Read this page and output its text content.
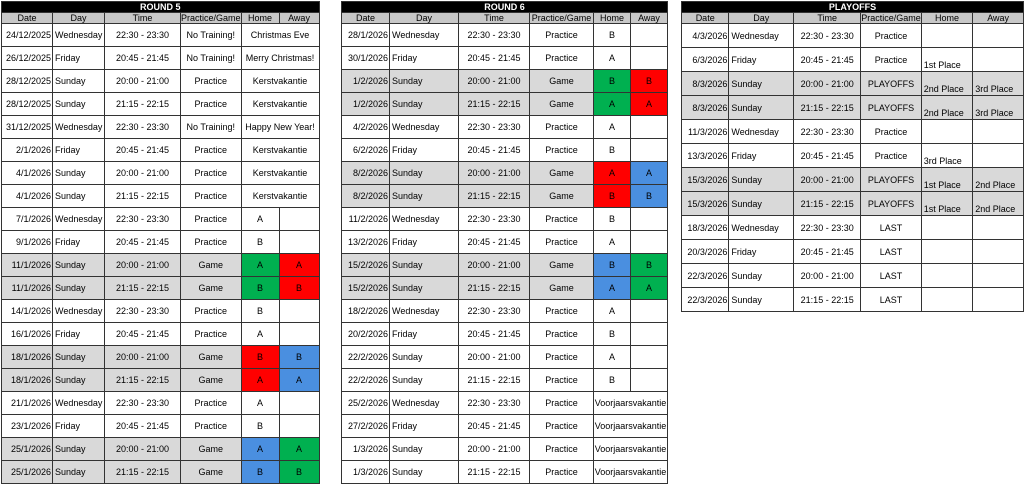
ROUND 5					
Date	Day	Time	Practice/Game	Home	Away
24/12/2025	Wednesday	22:30 - 23:30	No Training!	Christmas Eve	
26/12/2025	Friday	20:45 - 21:45	No Training!	Merry Christmas!	
28/12/2025	Sunday	20:00 - 21:00	Practice	Kerstvakantie	
28/12/2025	Sunday	21:15 - 22:15	Practice	Kerstvakantie	
31/12/2025	Wednesday	22:30 - 23:30	No Training!	Happy New Year!	
2/1/2026	Friday	20:45 - 21:45	Practice	Kerstvakantie	
4/1/2026	Sunday	20:00 - 21:00	Practice	Kerstvakantie	
4/1/2026	Sunday	21:15 - 22:15	Practice	Kerstvakantie	
7/1/2026	Wednesday	22:30 - 23:30	Practice	A	
9/1/2026	Friday	20:45 - 21:45	Practice	B	
11/1/2026	Sunday	20:00 - 21:00	Game	A	A
11/1/2026	Sunday	21:15 - 22:15	Game	B	B
14/1/2026	Wednesday	22:30 - 23:30	Practice	B	
16/1/2026	Friday	20:45 - 21:45	Practice	A	
18/1/2026	Sunday	20:00 - 21:00	Game	B	B
18/1/2026	Sunday	21:15 - 22:15	Game	A	A
21/1/2026	Wednesday	22:30 - 23:30	Practice	A	
23/1/2026	Friday	20:45 - 21:45	Practice	B	
25/1/2026	Sunday	20:00 - 21:00	Game	A	A
25/1/2026	Sunday	21:15 - 22:15	Game	B	B
ROUND 6					
Date	Day	Time	Practice/Game	Home	Away
28/1/2026	Wednesday	22:30 - 23:30	Practice	B	
30/1/2026	Friday	20:45 - 21:45	Practice	A	
1/2/2026	Sunday	20:00 - 21:00	Game	B	B
1/2/2026	Sunday	21:15 - 22:15	Game	A	A
4/2/2026	Wednesday	22:30 - 23:30	Practice	A	
6/2/2026	Friday	20:45 - 21:45	Practice	B	
8/2/2026	Sunday	20:00 - 21:00	Game	A	A
8/2/2026	Sunday	21:15 - 22:15	Game	B	B
11/2/2026	Wednesday	22:30 - 23:30	Practice	B	
13/2/2026	Friday	20:45 - 21:45	Practice	A	
15/2/2026	Sunday	20:00 - 21:00	Game	B	B
15/2/2026	Sunday	21:15 - 22:15	Game	A	A
18/2/2026	Wednesday	22:30 - 23:30	Practice	A	
20/2/2026	Friday	20:45 - 21:45	Practice	B	
22/2/2026	Sunday	20:00 - 21:00	Practice	A	
22/2/2026	Sunday	21:15 - 22:15	Practice	B	
25/2/2026	Wednesday	22:30 - 23:30	Practice	Voorjaarsvakantie	
27/2/2026	Friday	20:45 - 21:45	Practice	Voorjaarsvakantie	
1/3/2026	Sunday	20:00 - 21:00	Practice	Voorjaarsvakantie	
1/3/2026	Sunday	21:15 - 22:15	Practice	Voorjaarsvakantie	
PLAYOFFS					
Date	Day	Time	Practice/Game	Home	Away
4/3/2026	Wednesday	22:30 - 23:30	Practice		
6/3/2026	Friday	20:45 - 21:45	Practice	1st Place	
8/3/2026	Sunday	20:00 - 21:00	PLAYOFFS	2nd Place	3rd Place
8/3/2026	Sunday	21:15 - 22:15	PLAYOFFS	2nd Place	3rd Place
11/3/2026	Wednesday	22:30 - 23:30	Practice		
13/3/2026	Friday	20:45 - 21:45	Practice	3rd Place	
15/3/2026	Sunday	20:00 - 21:00	PLAYOFFS	1st Place	2nd Place
15/3/2026	Sunday	21:15 - 22:15	PLAYOFFS	1st Place	2nd Place
18/3/2026	Wednesday	22:30 - 23:30	LAST		
20/3/2026	Friday	20:45 - 21:45	LAST		
22/3/2026	Sunday	20:00 - 21:00	LAST		
22/3/2026	Sunday	21:15 - 22:15	LAST		
